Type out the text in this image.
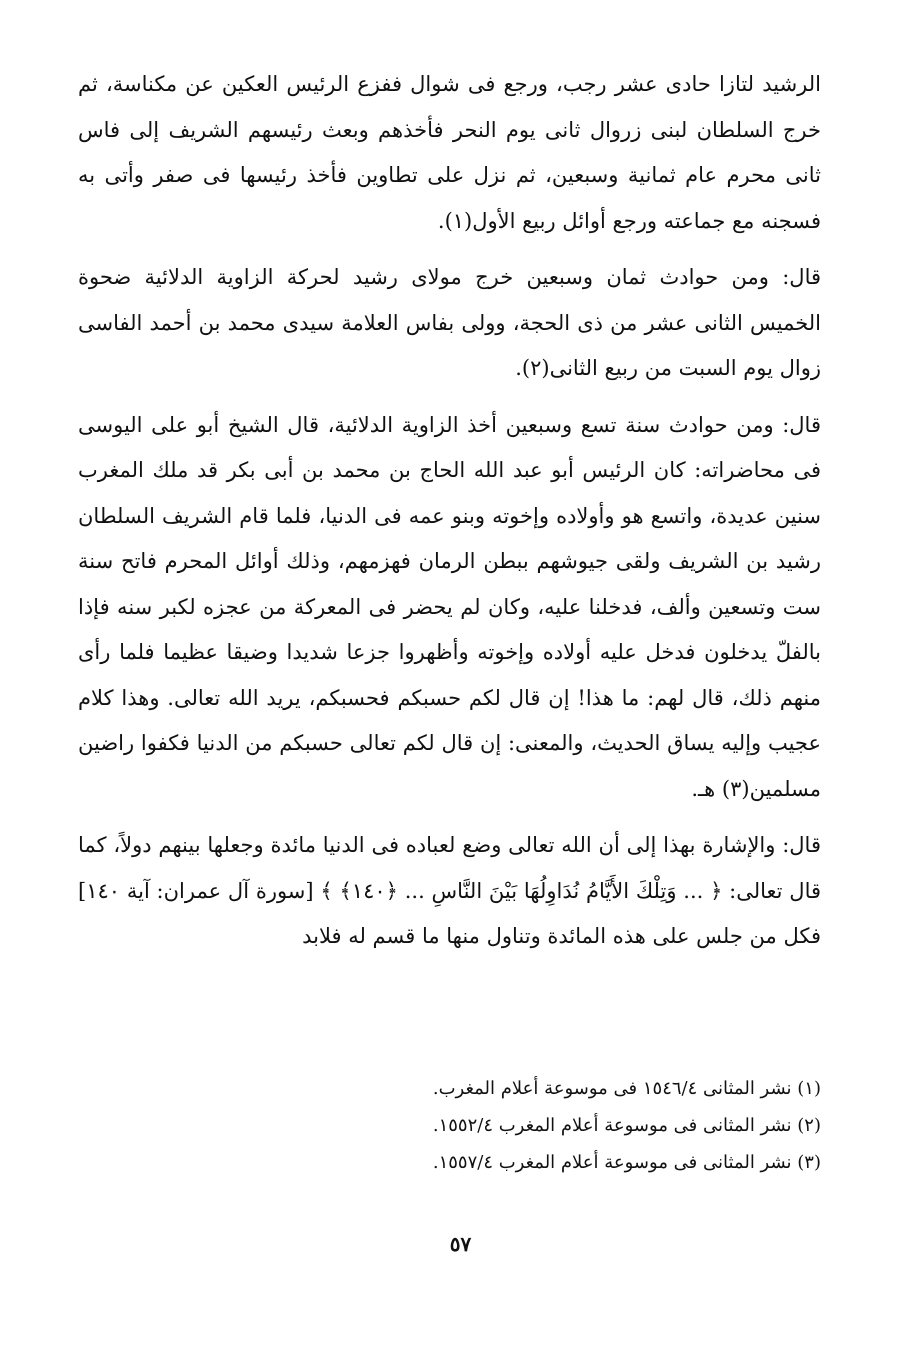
الرشيد لتازا حادى عشر رجب، ورجع فى شوال ففزع الرئيس العكين عن مكناسة، ثم خرج السلطان لبنى زروال ثانى يوم النحر فأخذهم وبعث رئيسهم الشريف إلى فاس ثانى محرم عام ثمانية وسبعين، ثم نزل على تطاوين فأخذ رئيسها فى صفر وأتى به فسجنه مع جماعته ورجع أوائل ربيع الأول(١).

قال: ومن حوادث ثمان وسبعين خرج مولاى رشيد لحركة الزاوية الدلائية ضحوة الخميس الثانى عشر من ذى الحجة، وولى بفاس العلامة سيدى محمد بن أحمد الفاسى زوال يوم السبت من ربيع الثانى(٢).

قال: ومن حوادث سنة تسع وسبعين أخذ الزاوية الدلائية، قال الشيخ أبو على اليوسى فى محاضراته: كان الرئيس أبو عبد الله الحاج بن محمد بن أبى بكر قد ملك المغرب سنين عديدة، واتسع هو وأولاده وإخوته وبنو عمه فى الدنيا، فلما قام الشريف السلطان رشيد بن الشريف ولقى جيوشهم ببطن الرمان فهزمهم، وذلك أوائل المحرم فاتح سنة ست وتسعين وألف، فدخلنا عليه، وكان لم يحضر فى المعركة من عجزه لكبر سنه فإذا بالفلّ يدخلون فدخل عليه أولاده وإخوته وأظهروا جزعا شديدا وضيقا عظيما فلما رأى منهم ذلك، قال لهم: ما هذا! إن قال لكم حسبكم فحسبكم، يريد الله تعالى. وهذا كلام عجيب وإليه يساق الحديث، والمعنى: إن قال لكم تعالى حسبكم من الدنيا فكفوا راضين مسلمين(٣) هـ.

قال: والإشارة بهذا إلى أن الله تعالى وضع لعباده فى الدنيا مائدة وجعلها بينهم دولاً، كما قال تعالى: ﴿ ... وَتِلْكَ الأَيَّامُ نُدَاوِلُهَا بَيْنَ النَّاسِ ... ﴿١٤٠﴾ ﴾ [سورة آل عمران: آية ١٤٠] فكل من جلس على هذه المائدة وتناول منها ما قسم له فلابد

(١) نشر المثانى ١٥٤٦/٤ فى موسوعة أعلام المغرب.

(٢) نشر المثانى فى موسوعة أعلام المغرب ١٥٥٢/٤.

(٣) نشر المثانى فى موسوعة أعلام المغرب ١٥٥٧/٤.

٥٧
